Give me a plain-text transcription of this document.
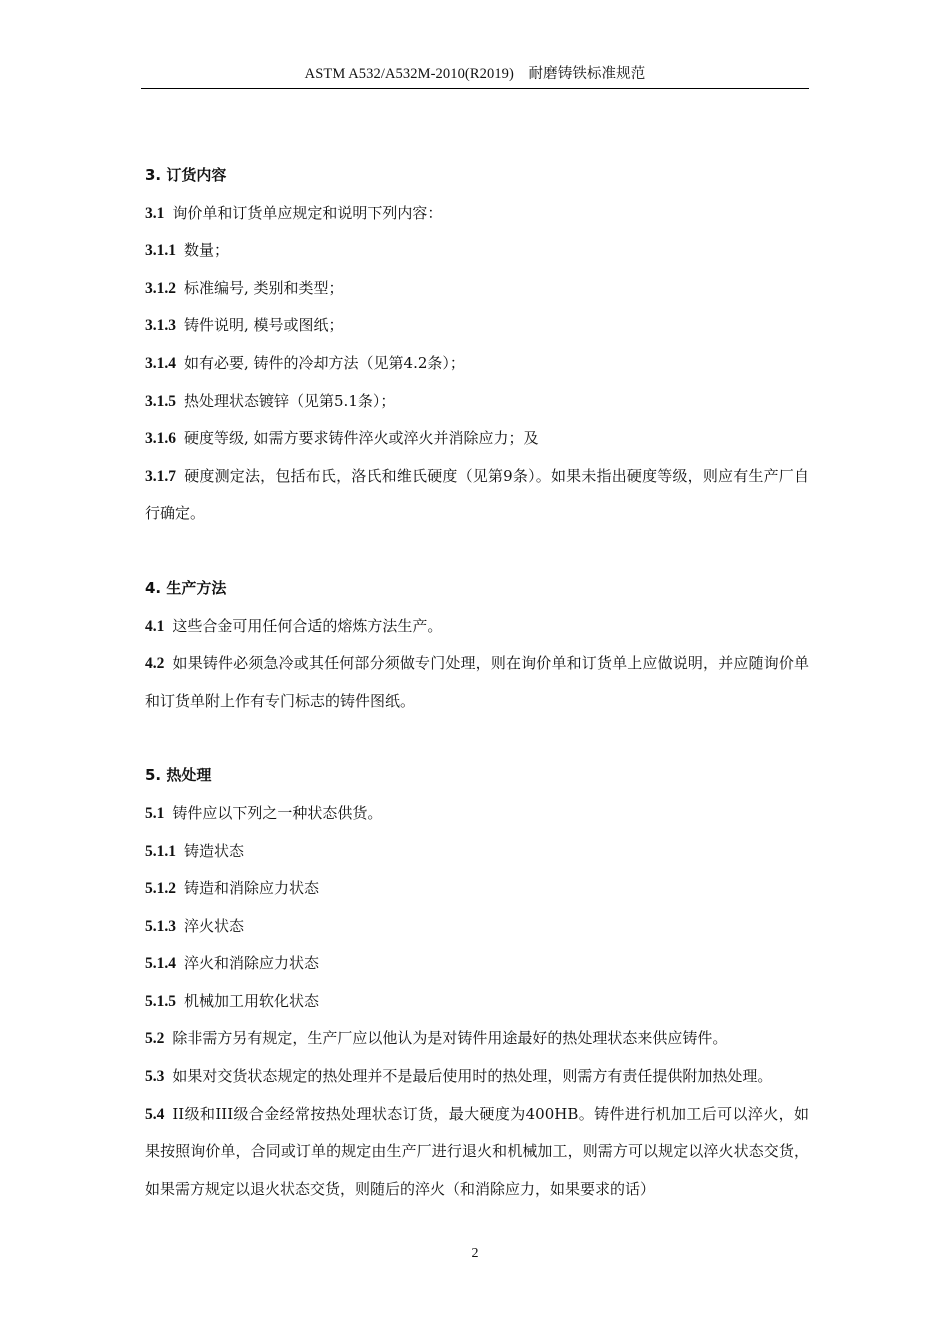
ASTM A532/A532M-2010(R2019)　耐磨铸铁标准规范
3. 订货内容

3.1 询价单和订货单应规定和说明下列内容：

3.1.1 数量；

3.1.2 标准编号, 类别和类型；

3.1.3 铸件说明, 模号或图纸；

3.1.4 如有必要, 铸件的冷却方法（见第4.2条）；

3.1.5 热处理状态镀锌（见第5.1条）；

3.1.6 硬度等级, 如需方要求铸件淬火或淬火并消除应力；及

3.1.7 硬度测定法，包括布氏，洛氏和维氏硬度（见第9条）。如果未指出硬度等级，则应有生产厂自行确定。

4. 生产方法

4.1 这些合金可用任何合适的熔炼方法生产。

4.2 如果铸件必须急冷或其任何部分须做专门处理，则在询价单和订货单上应做说明，并应随询价单和订货单附上作有专门标志的铸件图纸。

5. 热处理

5.1 铸件应以下列之一种状态供货。

5.1.1 铸造状态

5.1.2 铸造和消除应力状态

5.1.3 淬火状态

5.1.4 淬火和消除应力状态

5.1.5 机械加工用软化状态

5.2 除非需方另有规定，生产厂应以他认为是对铸件用途最好的热处理状态来供应铸件。

5.3 如果对交货状态规定的热处理并不是最后使用时的热处理，则需方有责任提供附加热处理。

5.4 II级和III级合金经常按热处理状态订货，最大硬度为400HB。铸件进行机加工后可以淬火，如果按照询价单，合同或订单的规定由生产厂进行退火和机械加工，则需方可以规定以淬火状态交货，如果需方规定以退火状态交货，则随后的淬火（和消除应力，如果要求的话）

2
